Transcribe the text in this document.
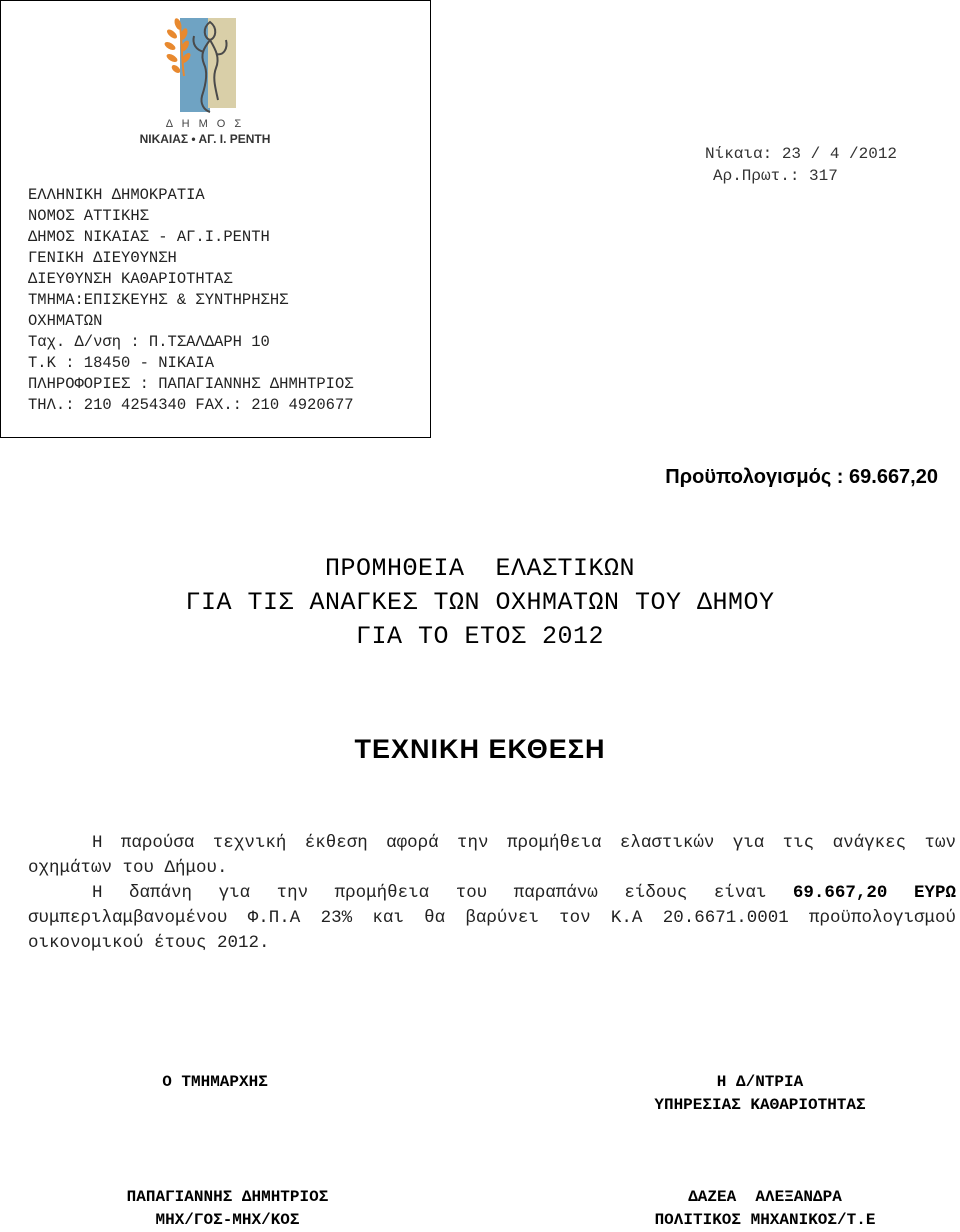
Δ Η Μ Ο Σ
ΝΙΚΑΙΑΣ • ΑΓ. Ι. ΡΕΝΤΗ
ΕΛΛΗΝΙΚΗ ΔΗΜΟΚΡΑΤΙΑ
ΝΟΜΟΣ ΑΤΤΙΚΗΣ
ΔΗΜΟΣ ΝΙΚΑΙΑΣ - ΑΓ.Ι.ΡΕΝΤΗ
ΓΕΝΙΚΗ ΔΙΕΥΘΥΝΣΗ
ΔΙΕΥΘΥΝΣΗ ΚΑΘΑΡΙΟΤΗΤΑΣ
ΤΜΗΜΑ:ΕΠΙΣΚΕΥΗΣ & ΣΥΝΤΗΡΗΣΗΣ
ΟΧΗΜΑΤΩΝ
Ταχ. Δ/νση : Π.ΤΣΑΛΔΑΡΗ 10
Τ.Κ : 18450 - ΝΙΚΑΙΑ
ΠΛΗΡΟΦΟΡΙΕΣ : ΠΑΠΑΓΙΑΝΝΗΣ ΔΗΜΗΤΡΙΟΣ
ΤΗΛ.: 210 4254340 FAX.: 210 4920677
Νίκαια: 23 / 4 /2012
Αρ.Πρωτ.: 317
Προϋπολογισμός : 69.667,20
ΠΡΟΜΗΘΕΙΑ  ΕΛΑΣΤΙΚΩΝ
ΓΙΑ ΤΙΣ ΑΝΑΓΚΕΣ ΤΩΝ ΟΧΗΜΑΤΩΝ ΤΟΥ ΔΗΜΟΥ
ΓΙΑ ΤΟ ΕΤΟΣ 2012
ΤΕΧΝΙΚΗ ΕΚΘΕΣΗ

Η παρούσα τεχνική έκθεση αφορά την προμήθεια ελαστικών για τις ανάγκες των οχημάτων του Δήμου.

Η δαπάνη για την προμήθεια του παραπάνω είδους είναι 69.667,20 ΕΥΡΩ συμπεριλαμβανομένου Φ.Π.Α 23% και θα βαρύνει τον Κ.Α 20.6671.0001 προϋπολογισμού οικονομικού έτους 2012.

Ο ΤΜΗΜΑΡΧΗΣ	Η Δ/ΝΤΡΙΑ
ΥΠΗΡΕΣΙΑΣ ΚΑΘΑΡΙΟΤΗΤΑΣ
ΠΑΠΑΓΙΑΝΝΗΣ ΔΗΜΗΤΡΙΟΣ
ΜΗΧ/ΓΟΣ-ΜΗΧ/ΚΟΣ
ΔΑΖΕΑ  ΑΛΕΞΑΝΔΡΑ
ΠΟΛΙΤΙΚΟΣ ΜΗΧΑΝΙΚΟΣ/Τ.Ε
